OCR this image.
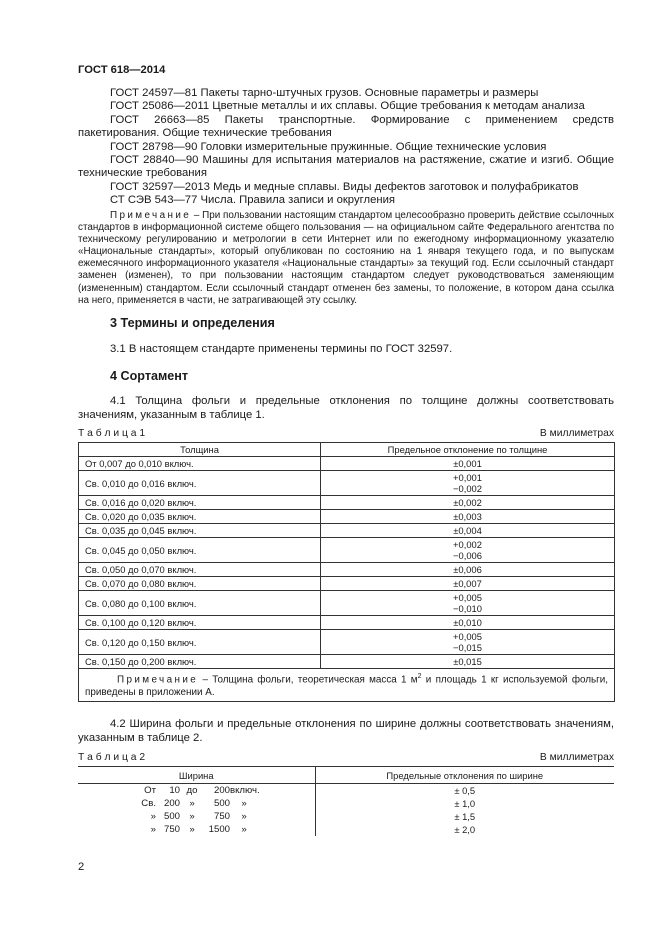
ГОСТ 618—2014
ГОСТ 24597—81 Пакеты тарно-штучных грузов. Основные параметры и размеры
ГОСТ 25086—2011 Цветные металлы и их сплавы. Общие требования к методам анализа
ГОСТ 26663—85 Пакеты транспортные. Формирование с применением средств пакетирования. Общие технические требования
ГОСТ 28798—90 Головки измерительные пружинные. Общие технические условия
ГОСТ 28840—90 Машины для испытания материалов на растяжение, сжатие и изгиб. Общие технические требования
ГОСТ 32597—2013 Медь и медные сплавы. Виды дефектов заготовок и полуфабрикатов
СТ СЭВ 543—77 Числа. Правила записи и округления
Примечание – При пользовании настоящим стандартом целесообразно проверить действие ссылочных стандартов в информационной системе общего пользования — на официальном сайте Федерального агентства по техническому регулированию и метрологии в сети Интернет или по ежегодному информационному указателю «Национальные стандарты», который опубликован по состоянию на 1 января текущего года, и по выпускам ежемесячного информационного указателя «Национальные стандарты» за текущий год. Если ссылочный стандарт заменен (изменен), то при пользовании настоящим стандартом следует руководствоваться заменяющим (измененным) стандартом. Если ссылочный стандарт отменен без замены, то положение, в котором дана ссылка на него, применяется в части, не затрагивающей эту ссылку.
3 Термины и определения
3.1 В настоящем стандарте применены термины по ГОСТ 32597.
4 Сортамент
4.1 Толщина фольги и предельные отклонения по толщине должны соответствовать значениям, указанным в таблице 1.
Т а б л и ц а 1	В миллиметрах
Толщина	Предельное отклонение по толщине
От 0,007 до 0,010 включ.	±0,001

Св. 0,010 до 0,016 включ.	+0,001
−0,002

Св. 0,016 до 0,020 включ.	±0,002

Св. 0,020 до 0,035 включ.	±0,003

Св. 0,035 до 0,045 включ.	±0,004

Св. 0,045 до 0,050 включ.	+0,002
−0,006

Св. 0,050 до 0,070 включ.	±0,006

Св. 0,070 до 0,080 включ.	±0,007

Св. 0,080 до 0,100 включ.	+0,005
−0,010

Св. 0,100 до 0,120 включ.	±0,010

Св. 0,120 до 0,150 включ.	+0,005
−0,015

Св. 0,150 до 0,200 включ.	±0,015

Примечание – Толщина фольги, теоретическая масса 1 $м^2$ и площадь 1 кг используемой фольги, приведены в приложении А.	
4.2 Ширина фольги и предельные отклонения по ширине должны соответствовать значениям, указанным в таблице 2.
Т а б л и ц а 2	В миллиметрах
Ширина	Предельные отклонения по ширине

От 10 до 200 включ.	± 0,5

Св. 200 » 500 »	± 1,0

» 500 » 750 »	± 1,5

» 750 » 1500 »	± 2,0
2
